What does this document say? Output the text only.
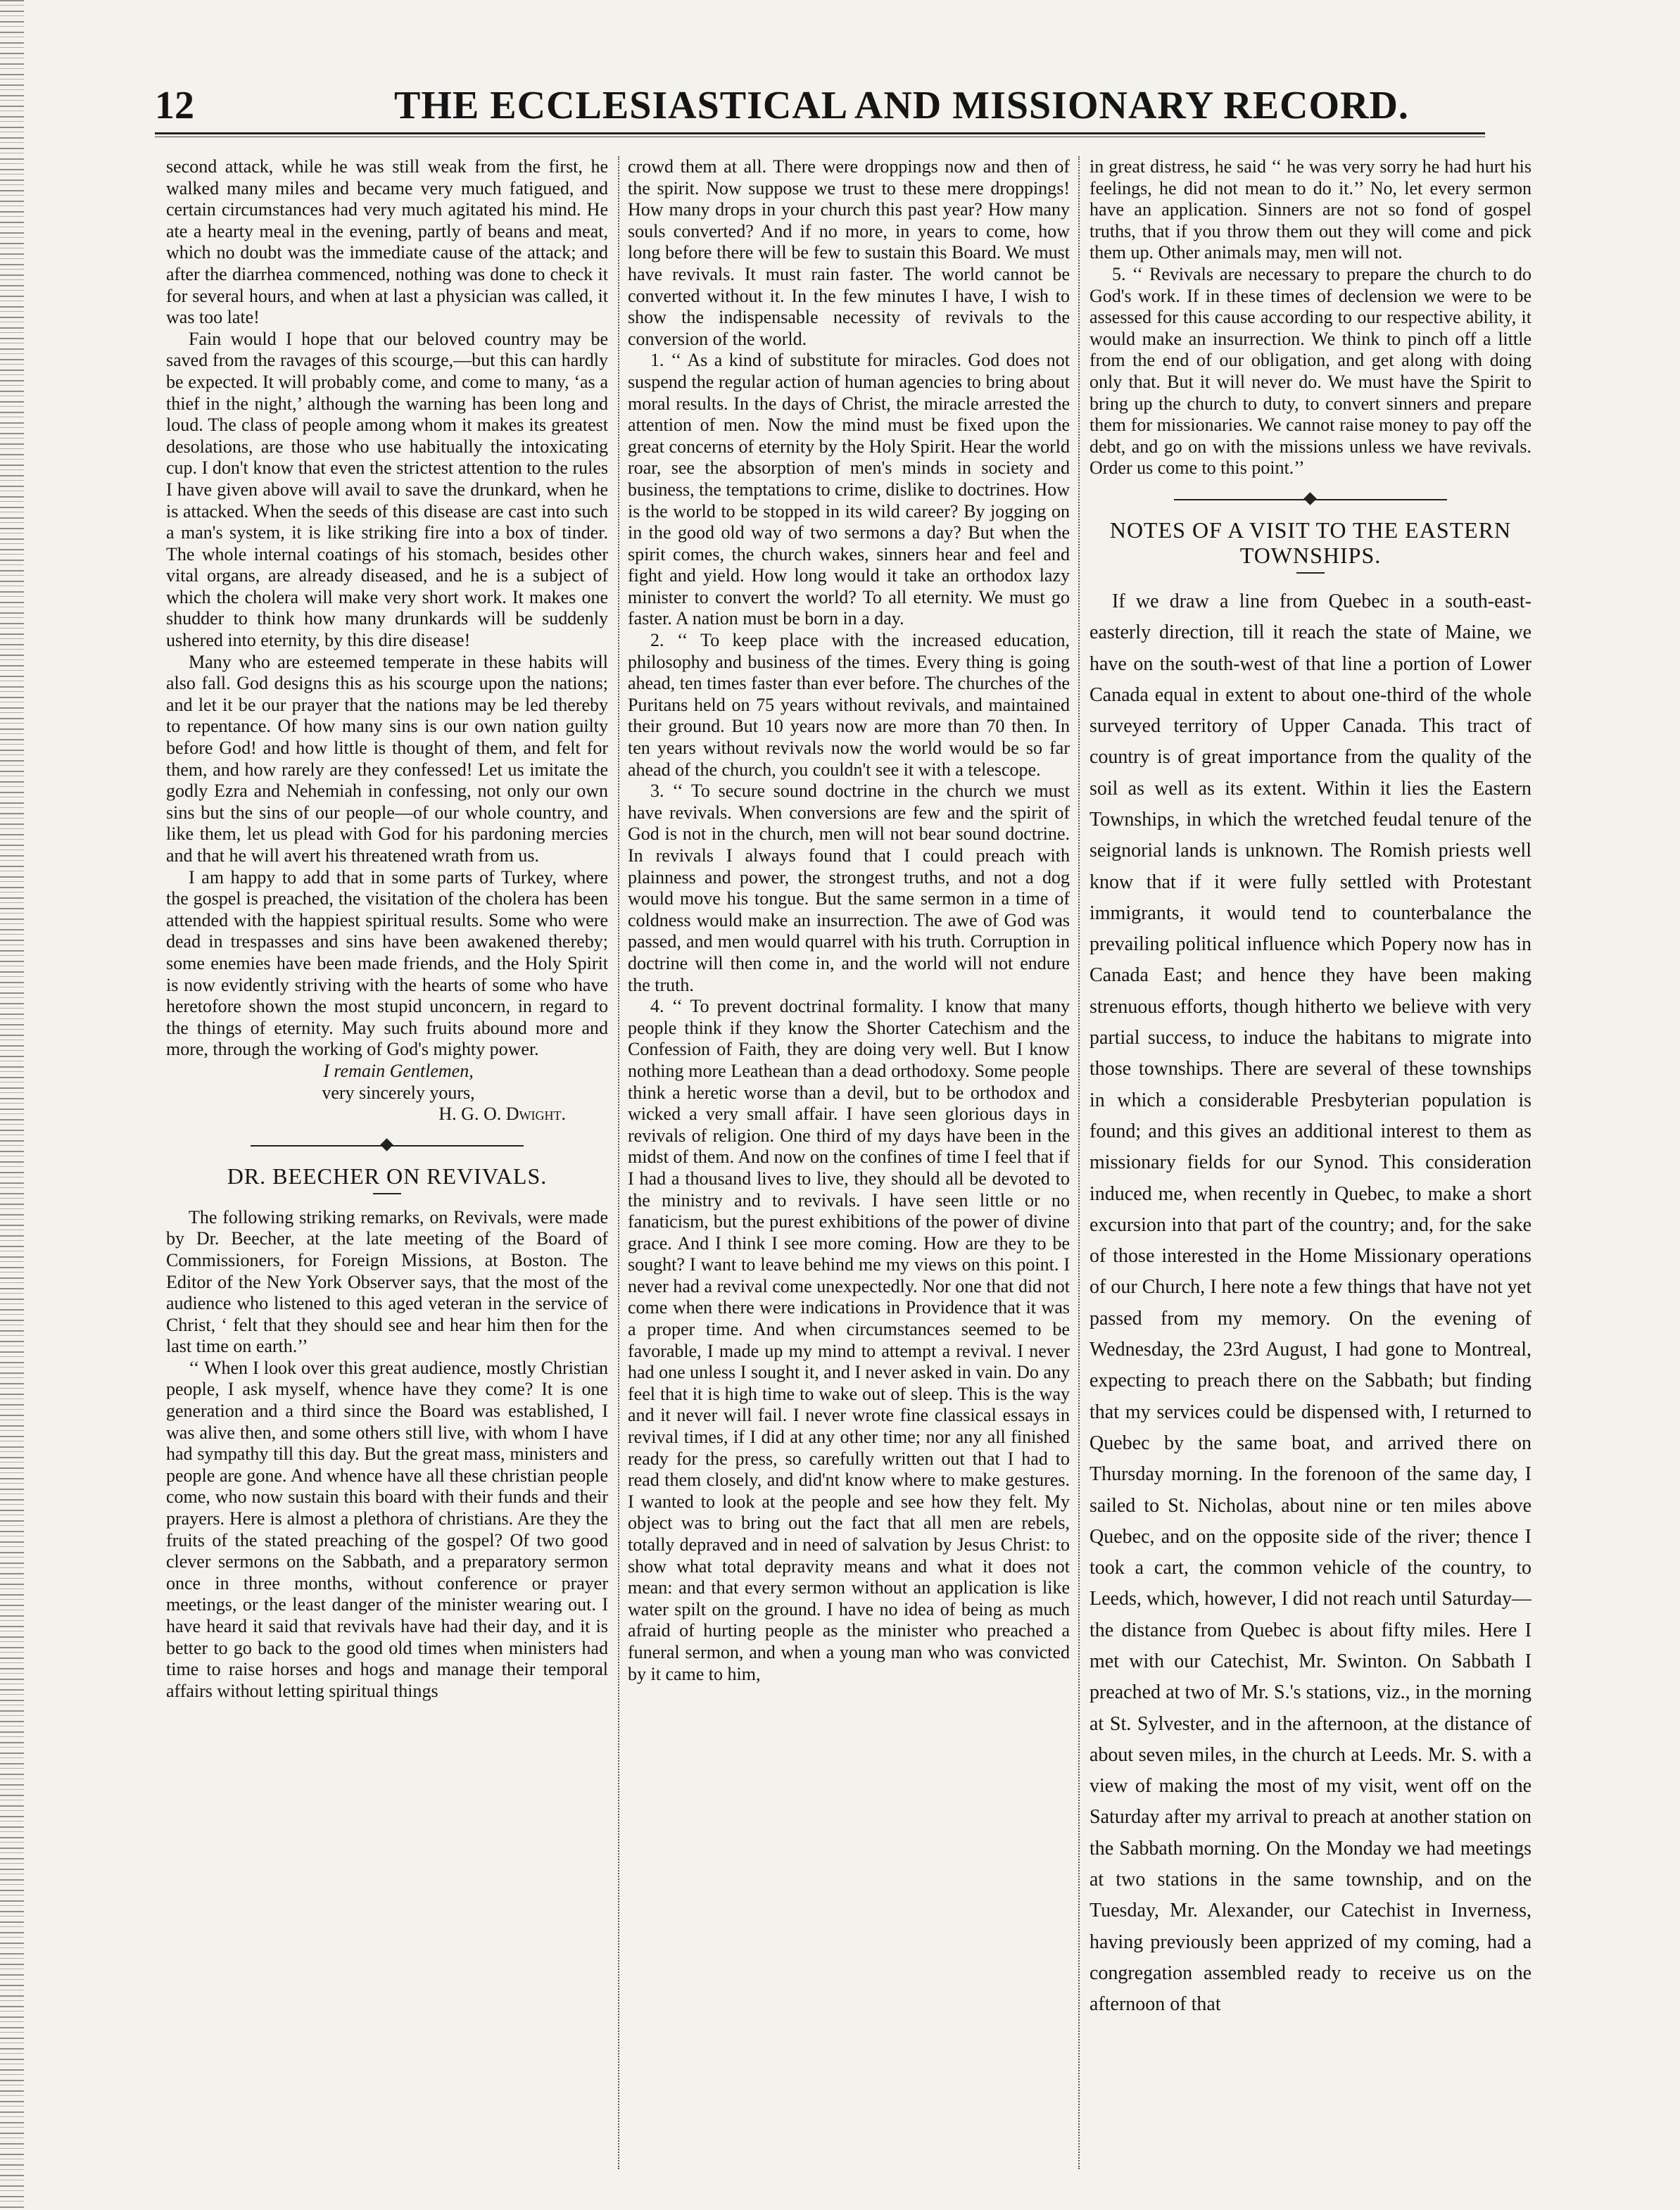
12	THE ECCLESIASTICAL AND MISSIONARY RECORD.

second attack, while he was still weak from the first, he walked many miles and became very much fatigued, and certain circumstances had very much agitated his mind. He ate a hearty meal in the evening, partly of beans and meat, which no doubt was the immediate cause of the attack; and after the diarrhea commenced, nothing was done to check it for several hours, and when at last a physician was called, it was too late!

Fain would I hope that our beloved country may be saved from the ravages of this scourge,—but this can hardly be expected. It will probably come, and come to many, ‘as a thief in the night,’ although the warning has been long and loud. The class of people among whom it makes its greatest desolations, are those who use habitually the intoxicating cup. I don't know that even the strictest attention to the rules I have given above will avail to save the drunkard, when he is attacked. When the seeds of this disease are cast into such a man's system, it is like striking fire into a box of tinder. The whole internal coatings of his stomach, besides other vital organs, are already diseased, and he is a subject of which the cholera will make very short work. It makes one shudder to think how many drunkards will be suddenly ushered into eternity, by this dire disease!

Many who are esteemed temperate in these habits will also fall. God designs this as his scourge upon the nations; and let it be our prayer that the nations may be led thereby to repentance. Of how many sins is our own nation guilty before God! and how little is thought of them, and felt for them, and how rarely are they confessed! Let us imitate the godly Ezra and Nehemiah in confessing, not only our own sins but the sins of our people—of our whole country, and like them, let us plead with God for his pardoning mercies and that he will avert his threatened wrath from us.

I am happy to add that in some parts of Turkey, where the gospel is preached, the visitation of the cholera has been attended with the happiest spiritual results. Some who were dead in trespasses and sins have been awakened thereby; some enemies have been made friends, and the Holy Spirit is now evidently striving with the hearts of some who have heretofore shown the most stupid unconcern, in regard to the things of eternity. May such fruits abound more and more, through the working of God's mighty power.

I remain Gentlemen,

very sincerely yours,

H. G. O. Dwight.

DR. BEECHER ON REVIVALS.

The following striking remarks, on Revivals, were made by Dr. Beecher, at the late meeting of the Board of Commissioners, for Foreign Missions, at Boston. The Editor of the New York Observer says, that the most of the audience who listened to this aged veteran in the service of Christ, ‘ felt that they should see and hear him then for the last time on earth.’’

‘‘ When I look over this great audience, mostly Christian people, I ask myself, whence have they come? It is one generation and a third since the Board was established, I was alive then, and some others still live, with whom I have had sympathy till this day. But the great mass, ministers and people are gone. And whence have all these christian people come, who now sustain this board with their funds and their prayers. Here is almost a plethora of christians. Are they the fruits of the stated preaching of the gospel? Of two good clever sermons on the Sabbath, and a preparatory sermon once in three months, without conference or prayer meetings, or the least danger of the minister wearing out. I have heard it said that revivals have had their day, and it is better to go back to the good old times when ministers had time to raise horses and hogs and manage their temporal affairs without letting spiritual things

crowd them at all. There were droppings now and then of the spirit. Now suppose we trust to these mere droppings! How many drops in your church this past year? How many souls converted? And if no more, in years to come, how long before there will be few to sustain this Board. We must have revivals. It must rain faster. The world cannot be converted without it. In the few minutes I have, I wish to show the indispensable necessity of revivals to the conversion of the world.

1. ‘‘ As a kind of substitute for miracles. God does not suspend the regular action of human agencies to bring about moral results. In the days of Christ, the miracle arrested the attention of men. Now the mind must be fixed upon the great concerns of eternity by the Holy Spirit. Hear the world roar, see the absorption of men's minds in society and business, the temptations to crime, dislike to doctrines. How is the world to be stopped in its wild career? By jogging on in the good old way of two sermons a day? But when the spirit comes, the church wakes, sinners hear and feel and fight and yield. How long would it take an orthodox lazy minister to convert the world? To all eternity. We must go faster. A nation must be born in a day.

2. ‘‘ To keep place with the increased education, philosophy and business of the times. Every thing is going ahead, ten times faster than ever before. The churches of the Puritans held on 75 years without revivals, and maintained their ground. But 10 years now are more than 70 then. In ten years without revivals now the world would be so far ahead of the church, you couldn't see it with a telescope.

3. ‘‘ To secure sound doctrine in the church we must have revivals. When conversions are few and the spirit of God is not in the church, men will not bear sound doctrine. In revivals I always found that I could preach with plainness and power, the strongest truths, and not a dog would move his tongue. But the same sermon in a time of coldness would make an insurrection. The awe of God was passed, and men would quarrel with his truth. Corruption in doctrine will then come in, and the world will not endure the truth.

4. ‘‘ To prevent doctrinal formality. I know that many people think if they know the Shorter Catechism and the Confession of Faith, they are doing very well. But I know nothing more Leathean than a dead orthodoxy. Some people think a heretic worse than a devil, but to be orthodox and wicked a very small affair. I have seen glorious days in revivals of religion. One third of my days have been in the midst of them. And now on the confines of time I feel that if I had a thousand lives to live, they should all be devoted to the ministry and to revivals. I have seen little or no fanaticism, but the purest exhibitions of the power of divine grace. And I think I see more coming. How are they to be sought? I want to leave behind me my views on this point. I never had a revival come unexpectedly. Nor one that did not come when there were indications in Providence that it was a proper time. And when circumstances seemed to be favorable, I made up my mind to attempt a revival. I never had one unless I sought it, and I never asked in vain. Do any feel that it is high time to wake out of sleep. This is the way and it never will fail. I never wrote fine classical essays in revival times, if I did at any other time; nor any all finished ready for the press, so carefully written out that I had to read them closely, and did'nt know where to make gestures. I wanted to look at the people and see how they felt. My object was to bring out the fact that all men are rebels, totally depraved and in need of salvation by Jesus Christ: to show what total depravity means and what it does not mean: and that every sermon without an application is like water spilt on the ground. I have no idea of being as much afraid of hurting people as the minister who preached a funeral sermon, and when a young man who was convicted by it came to him,

in great distress, he said ‘‘ he was very sorry he had hurt his feelings, he did not mean to do it.’’ No, let every sermon have an application. Sinners are not so fond of gospel truths, that if you throw them out they will come and pick them up. Other animals may, men will not.

5. ‘‘ Revivals are necessary to prepare the church to do God's work. If in these times of declension we were to be assessed for this cause according to our respective ability, it would make an insurrection. We think to pinch off a little from the end of our obligation, and get along with doing only that. But it will never do. We must have the Spirit to bring up the church to duty, to convert sinners and prepare them for missionaries. We cannot raise money to pay off the debt, and go on with the missions unless we have revivals. Order us come to this point.’’

NOTES OF A VISIT TO THE EASTERN TOWNSHIPS.

If we draw a line from Quebec in a south-east-easterly direction, till it reach the state of Maine, we have on the south-west of that line a portion of Lower Canada equal in extent to about one-third of the whole surveyed territory of Upper Canada. This tract of country is of great importance from the quality of the soil as well as its extent. Within it lies the Eastern Townships, in which the wretched feudal tenure of the seignorial lands is unknown. The Romish priests well know that if it were fully settled with Protestant immigrants, it would tend to counterbalance the prevailing political influence which Popery now has in Canada East; and hence they have been making strenuous efforts, though hitherto we believe with very partial success, to induce the habitans to migrate into those townships. There are several of these townships in which a considerable Presbyterian population is found; and this gives an additional interest to them as missionary fields for our Synod. This consideration induced me, when recently in Quebec, to make a short excursion into that part of the country; and, for the sake of those interested in the Home Missionary operations of our Church, I here note a few things that have not yet passed from my memory. On the evening of Wednesday, the 23rd August, I had gone to Montreal, expecting to preach there on the Sabbath; but finding that my services could be dispensed with, I returned to Quebec by the same boat, and arrived there on Thursday morning. In the forenoon of the same day, I sailed to St. Nicholas, about nine or ten miles above Quebec, and on the opposite side of the river; thence I took a cart, the common vehicle of the country, to Leeds, which, however, I did not reach until Saturday—the distance from Quebec is about fifty miles. Here I met with our Catechist, Mr. Swinton. On Sabbath I preached at two of Mr. S.'s stations, viz., in the morning at St. Sylvester, and in the afternoon, at the distance of about seven miles, in the church at Leeds. Mr. S. with a view of making the most of my visit, went off on the Saturday after my arrival to preach at another station on the Sabbath morning. On the Monday we had meetings at two stations in the same township, and on the Tuesday, Mr. Alexander, our Catechist in Inverness, having previously been apprized of my coming, had a congregation assembled ready to receive us on the afternoon of that
